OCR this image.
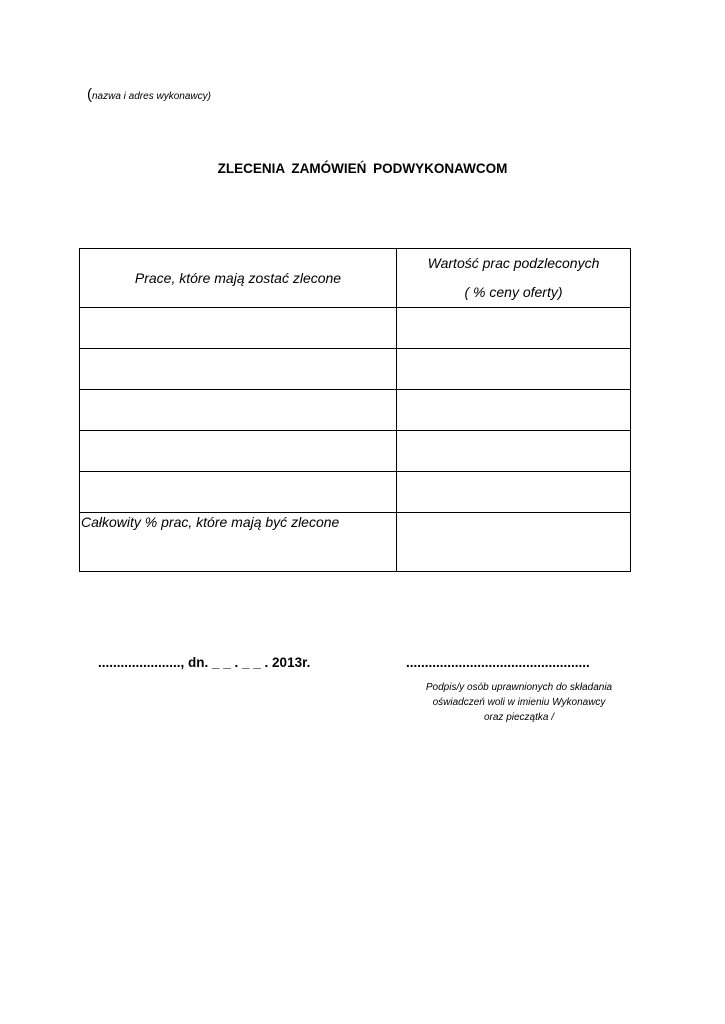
(nazwa i adres wykonawcy)
ZLECENIA ZAMÓWIEŃ PODWYKONAWCOM
Prace, które mają zostać zlecone	Wartość prac podzleconych
( % ceny oferty)

Całkowity % prac, które mają być zlecone	
......................, dn. _ _ . _ _ . 2013r.	.................................................
Podpis/y osób uprawnionych do składania
oświadczeń woli w imieniu Wykonawcy
oraz pieczątka /
